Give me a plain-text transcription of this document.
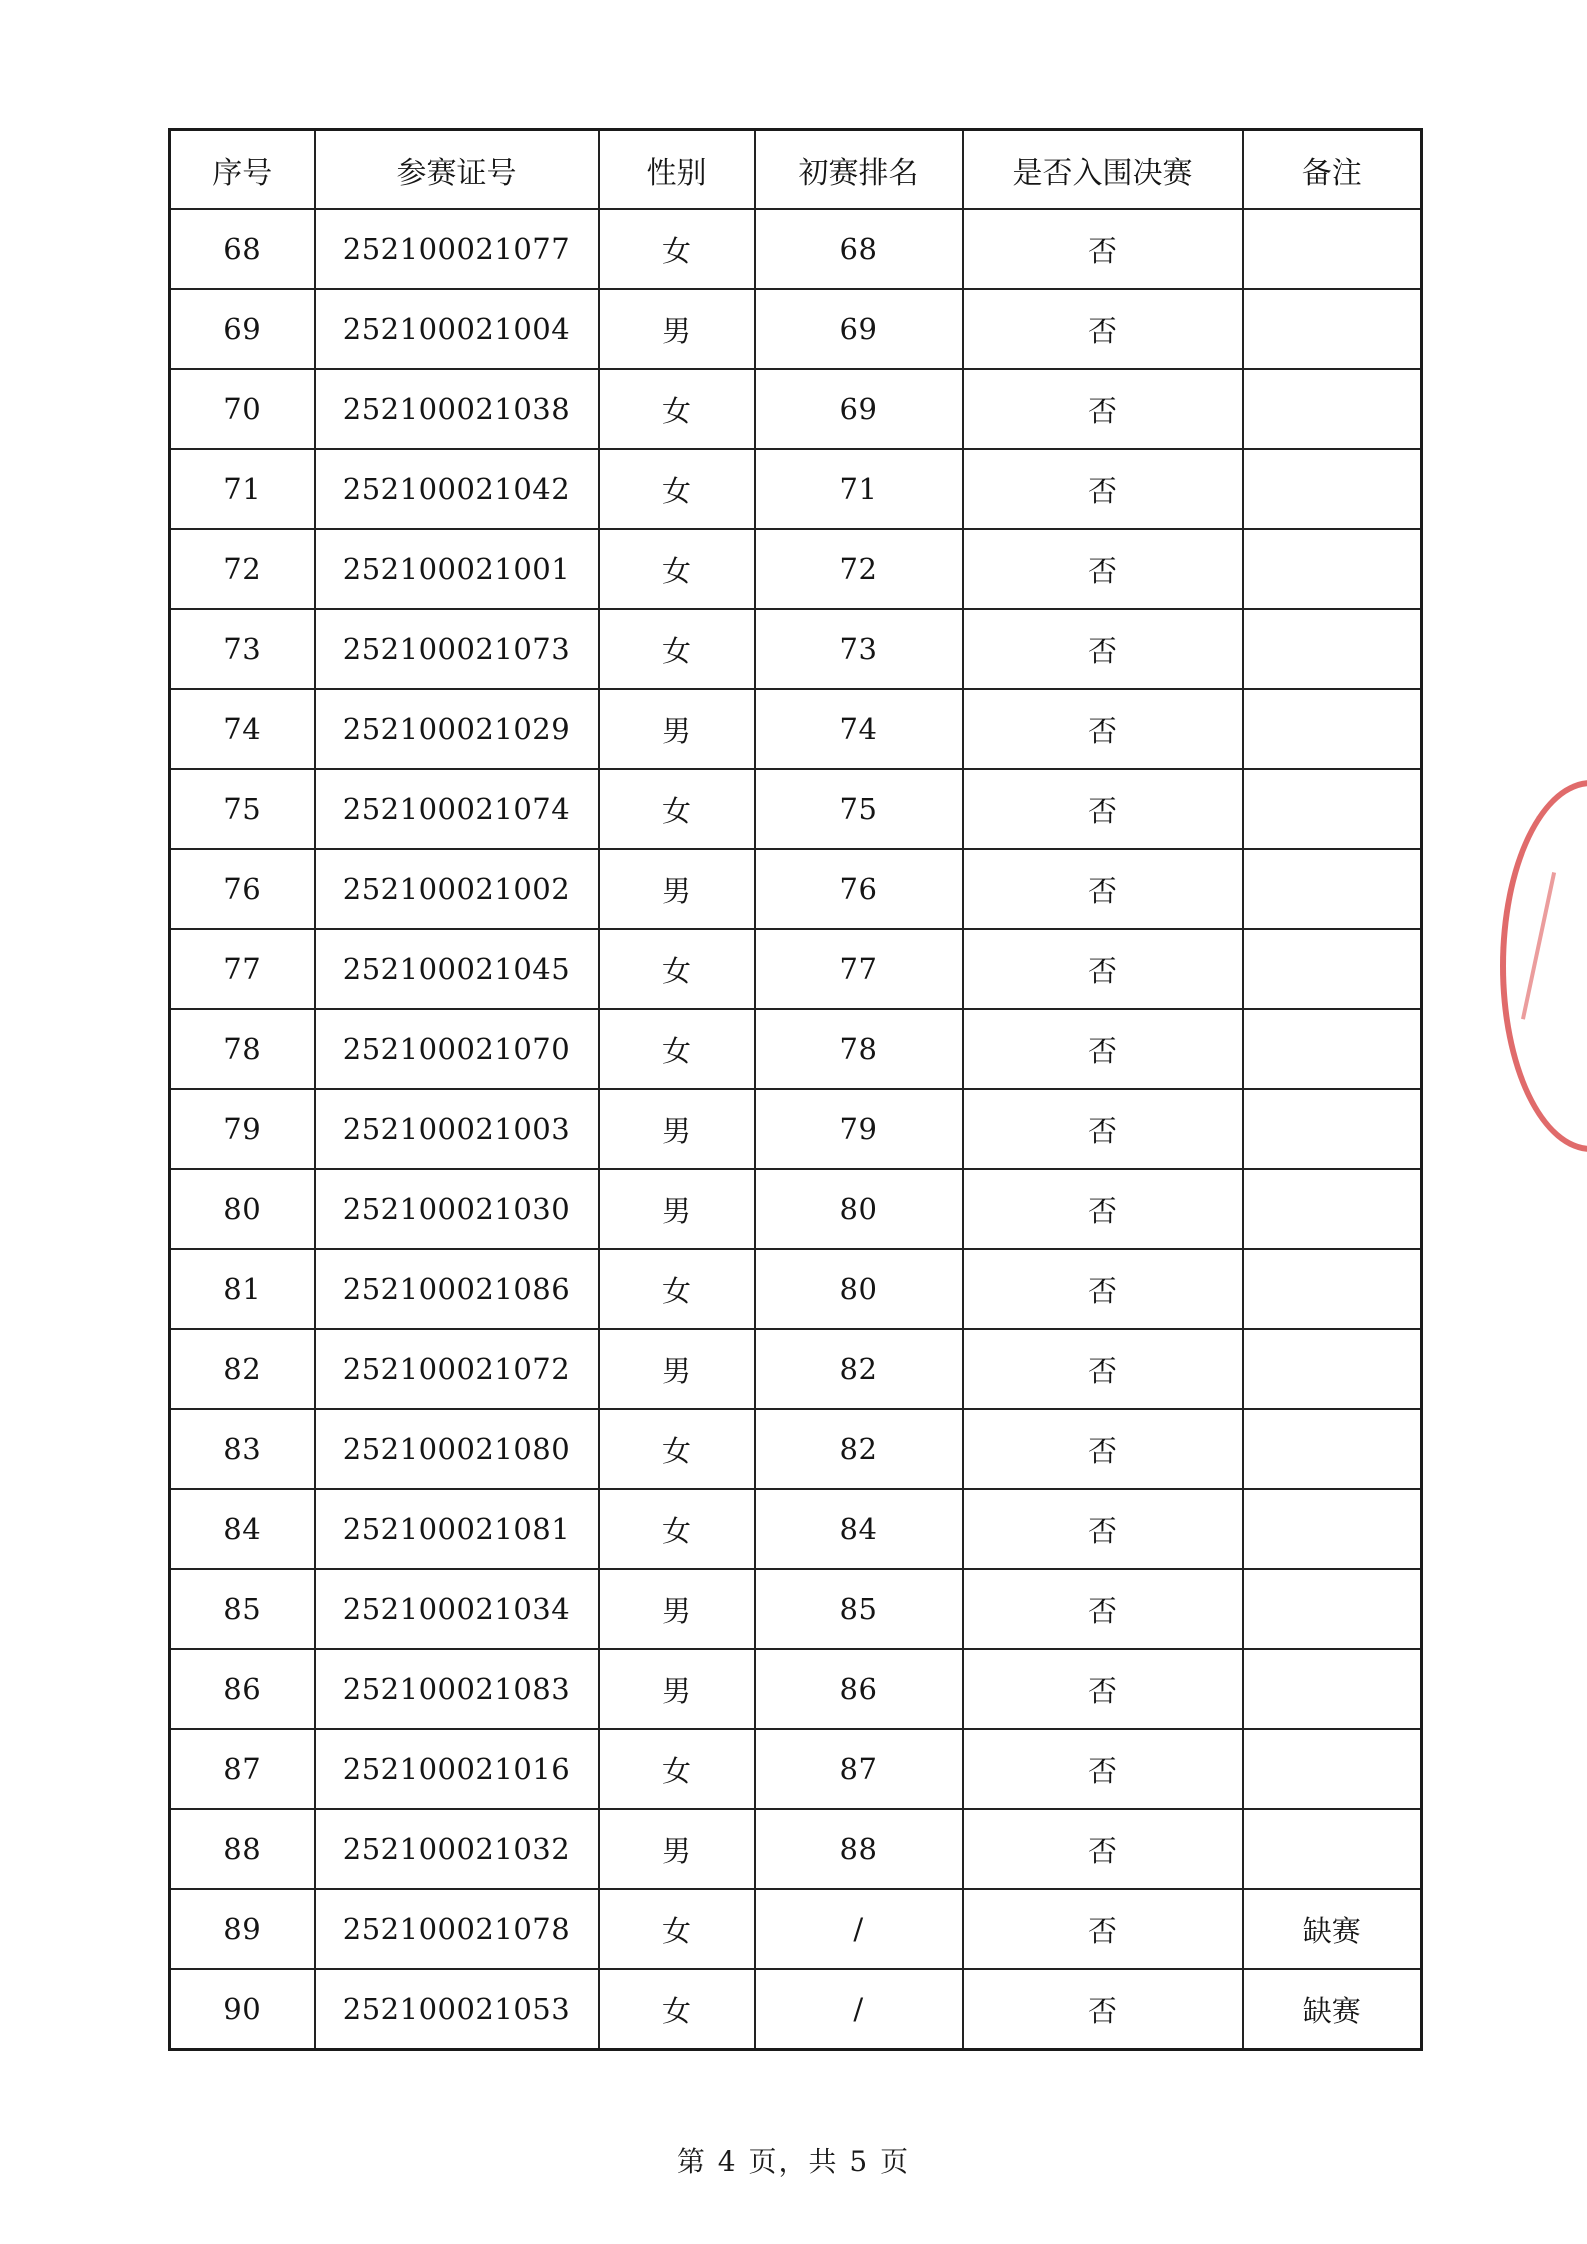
序号	参赛证号	性别	初赛排名	是否入围决赛	备注
68	252100021077	女	68	否	
69	252100021004	男	69	否	
70	252100021038	女	69	否	
71	252100021042	女	71	否	
72	252100021001	女	72	否	
73	252100021073	女	73	否	
74	252100021029	男	74	否	
75	252100021074	女	75	否	
76	252100021002	男	76	否	
77	252100021045	女	77	否	
78	252100021070	女	78	否	
79	252100021003	男	79	否	
80	252100021030	男	80	否	
81	252100021086	女	80	否	
82	252100021072	男	82	否	
83	252100021080	女	82	否	
84	252100021081	女	84	否	
85	252100021034	男	85	否	
86	252100021083	男	86	否	
87	252100021016	女	87	否	
88	252100021032	男	88	否	
89	252100021078	女	/	否	缺赛
90	252100021053	女	/	否	缺赛
第 4 页，共 5 页
